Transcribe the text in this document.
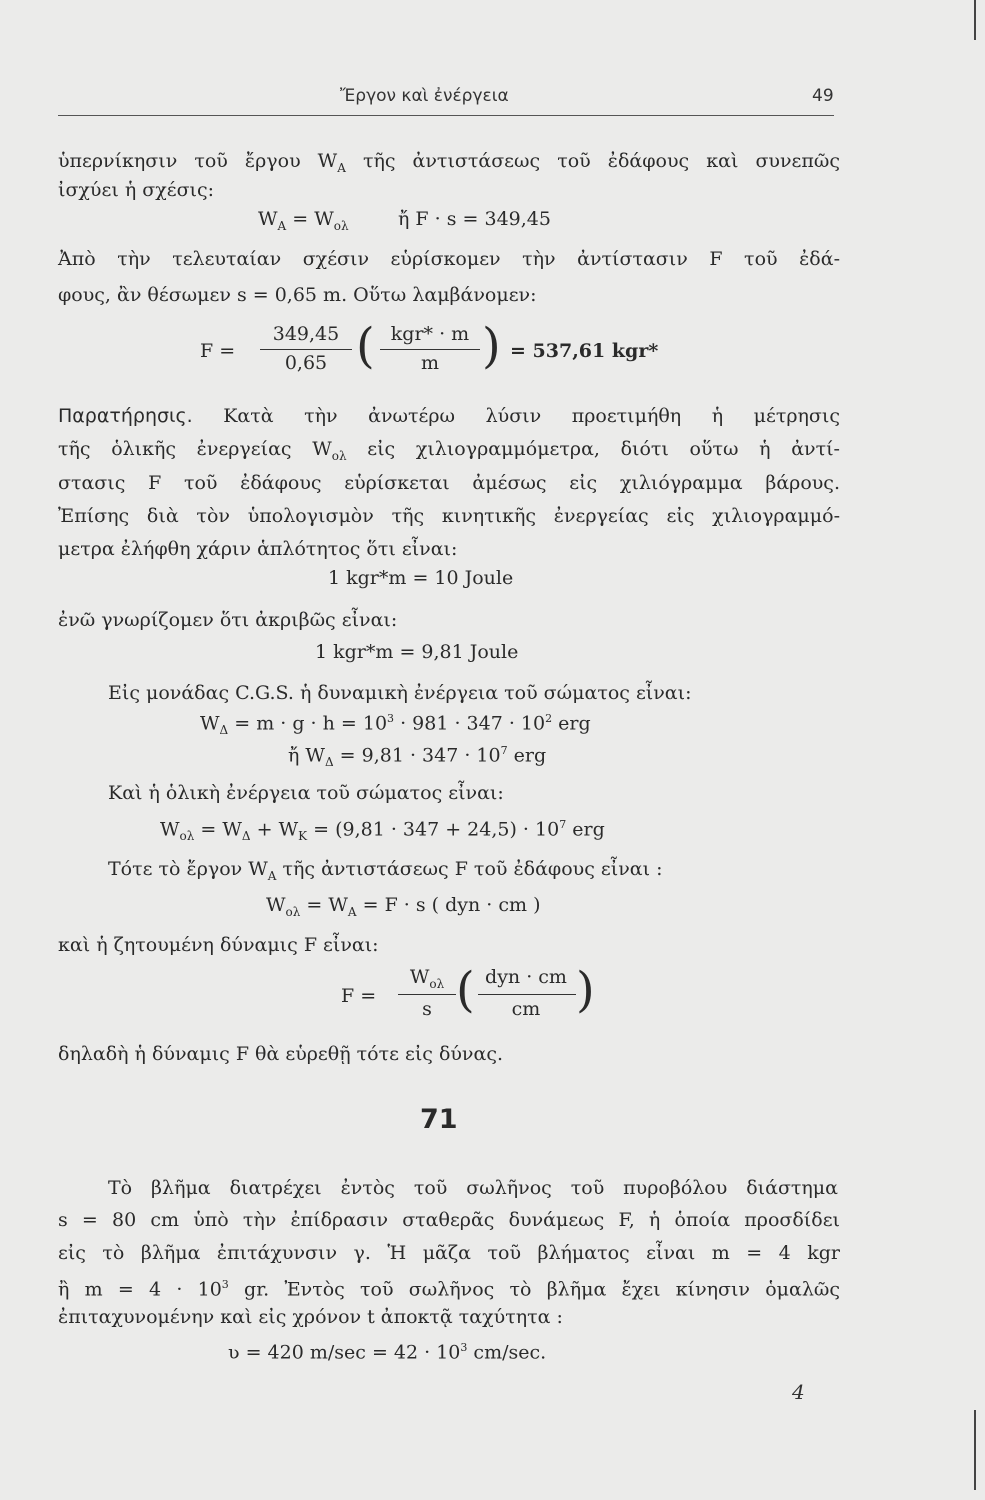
Ἔργον καὶ ἐνέργεια	49
ὑπερνίκησιν τοῦ ἔργου $W_A$ τῆς ἀντιστάσεως τοῦ ἐδάφους καὶ συνεπῶς
ἰσχύει ἡ σχέσις:
$W_A = W_{o\lambda}$	ἤ F · s = 349,45
Ἀπὸ τὴν τελευταίαν σχέσιν εὑρίσκομεν τὴν ἀντίστασιν F τοῦ ἐδά-
φους, ἂν θέσωμεν s = 0,65 m. Οὕτω λαμβάνομεν:
F =
349,45
0,65 ( kgr* · m
m ) = 537,61 kgr*
Παρατήρησις. Κατὰ τὴν ἀνωτέρω λύσιν προετιμήθη ἡ μέτρησις
τῆς ὁλικῆς ἐνεργείας $W_{o\lambda}$ εἰς χιλιογραμμόμετρα, διότι οὕτω ἡ ἀντί-
στασις F τοῦ ἐδάφους εὑρίσκεται ἀμέσως εἰς χιλιόγραμμα βάρους.
Ἐπίσης διὰ τὸν ὑπολογισμὸν τῆς κινητικῆς ἐνεργείας εἰς χιλιογραμμό-
μετρα ἐλήφθη χάριν ἁπλότητος ὅτι εἶναι:
1 kgr*m = 10 Joule
ἐνῶ γνωρίζομεν ὅτι ἀκριβῶς εἶναι:
1 kgr*m = 9,81 Joule
Εἰς μονάδας C.G.S. ἡ δυναμικὴ ἐνέργεια τοῦ σώματος εἶναι:
$W_\Delta = m \cdot g \cdot h = 10^3 \cdot 981 \cdot 347 \cdot 10^2$ erg
ἤ $W_\Delta = 9,81 \cdot 347 \cdot 10^7$ erg
Καὶ ἡ ὁλικὴ ἐνέργεια τοῦ σώματος εἶναι:
$W_{o\lambda} = W_\Delta + W_K = (9,81 \cdot 347 + 24,5) \cdot 10^7$ erg
Τότε τὸ ἔργον $W_A$ τῆς ἀντιστάσεως F τοῦ ἐδάφους εἶναι :
$W_{o\lambda} = W_A = F \cdot s$ ( dyn · cm )
καὶ ἡ ζητουμένη δύναμις F εἶναι:
F =
$W_{o\lambda}$
s ( dyn · cm
cm )
δηλαδὴ ἡ δύναμις F θὰ εὑρεθῇ τότε εἰς δύνας.
71
Τὸ βλῆμα διατρέχει ἐντὸς τοῦ σωλῆνος τοῦ πυροβόλου διάστημα
s = 80 cm ὑπὸ τὴν ἐπίδρασιν σταθερᾶς δυνάμεως F, ἡ ὁποία προσδίδει
εἰς τὸ βλῆμα ἐπιτάχυνσιν γ. Ἡ μᾶζα τοῦ βλήματος εἶναι m = 4 kgr
ἢ $m = 4 \cdot 10^3$ gr. Ἐντὸς τοῦ σωλῆνος τὸ βλῆμα ἔχει κίνησιν ὁμαλῶς
ἐπιταχυνομένην καὶ εἰς χρόνον t ἀποκτᾷ ταχύτητα :
ʋ = 420 $m/\sec = 42 \cdot 10^3$ cm/sec.
4
